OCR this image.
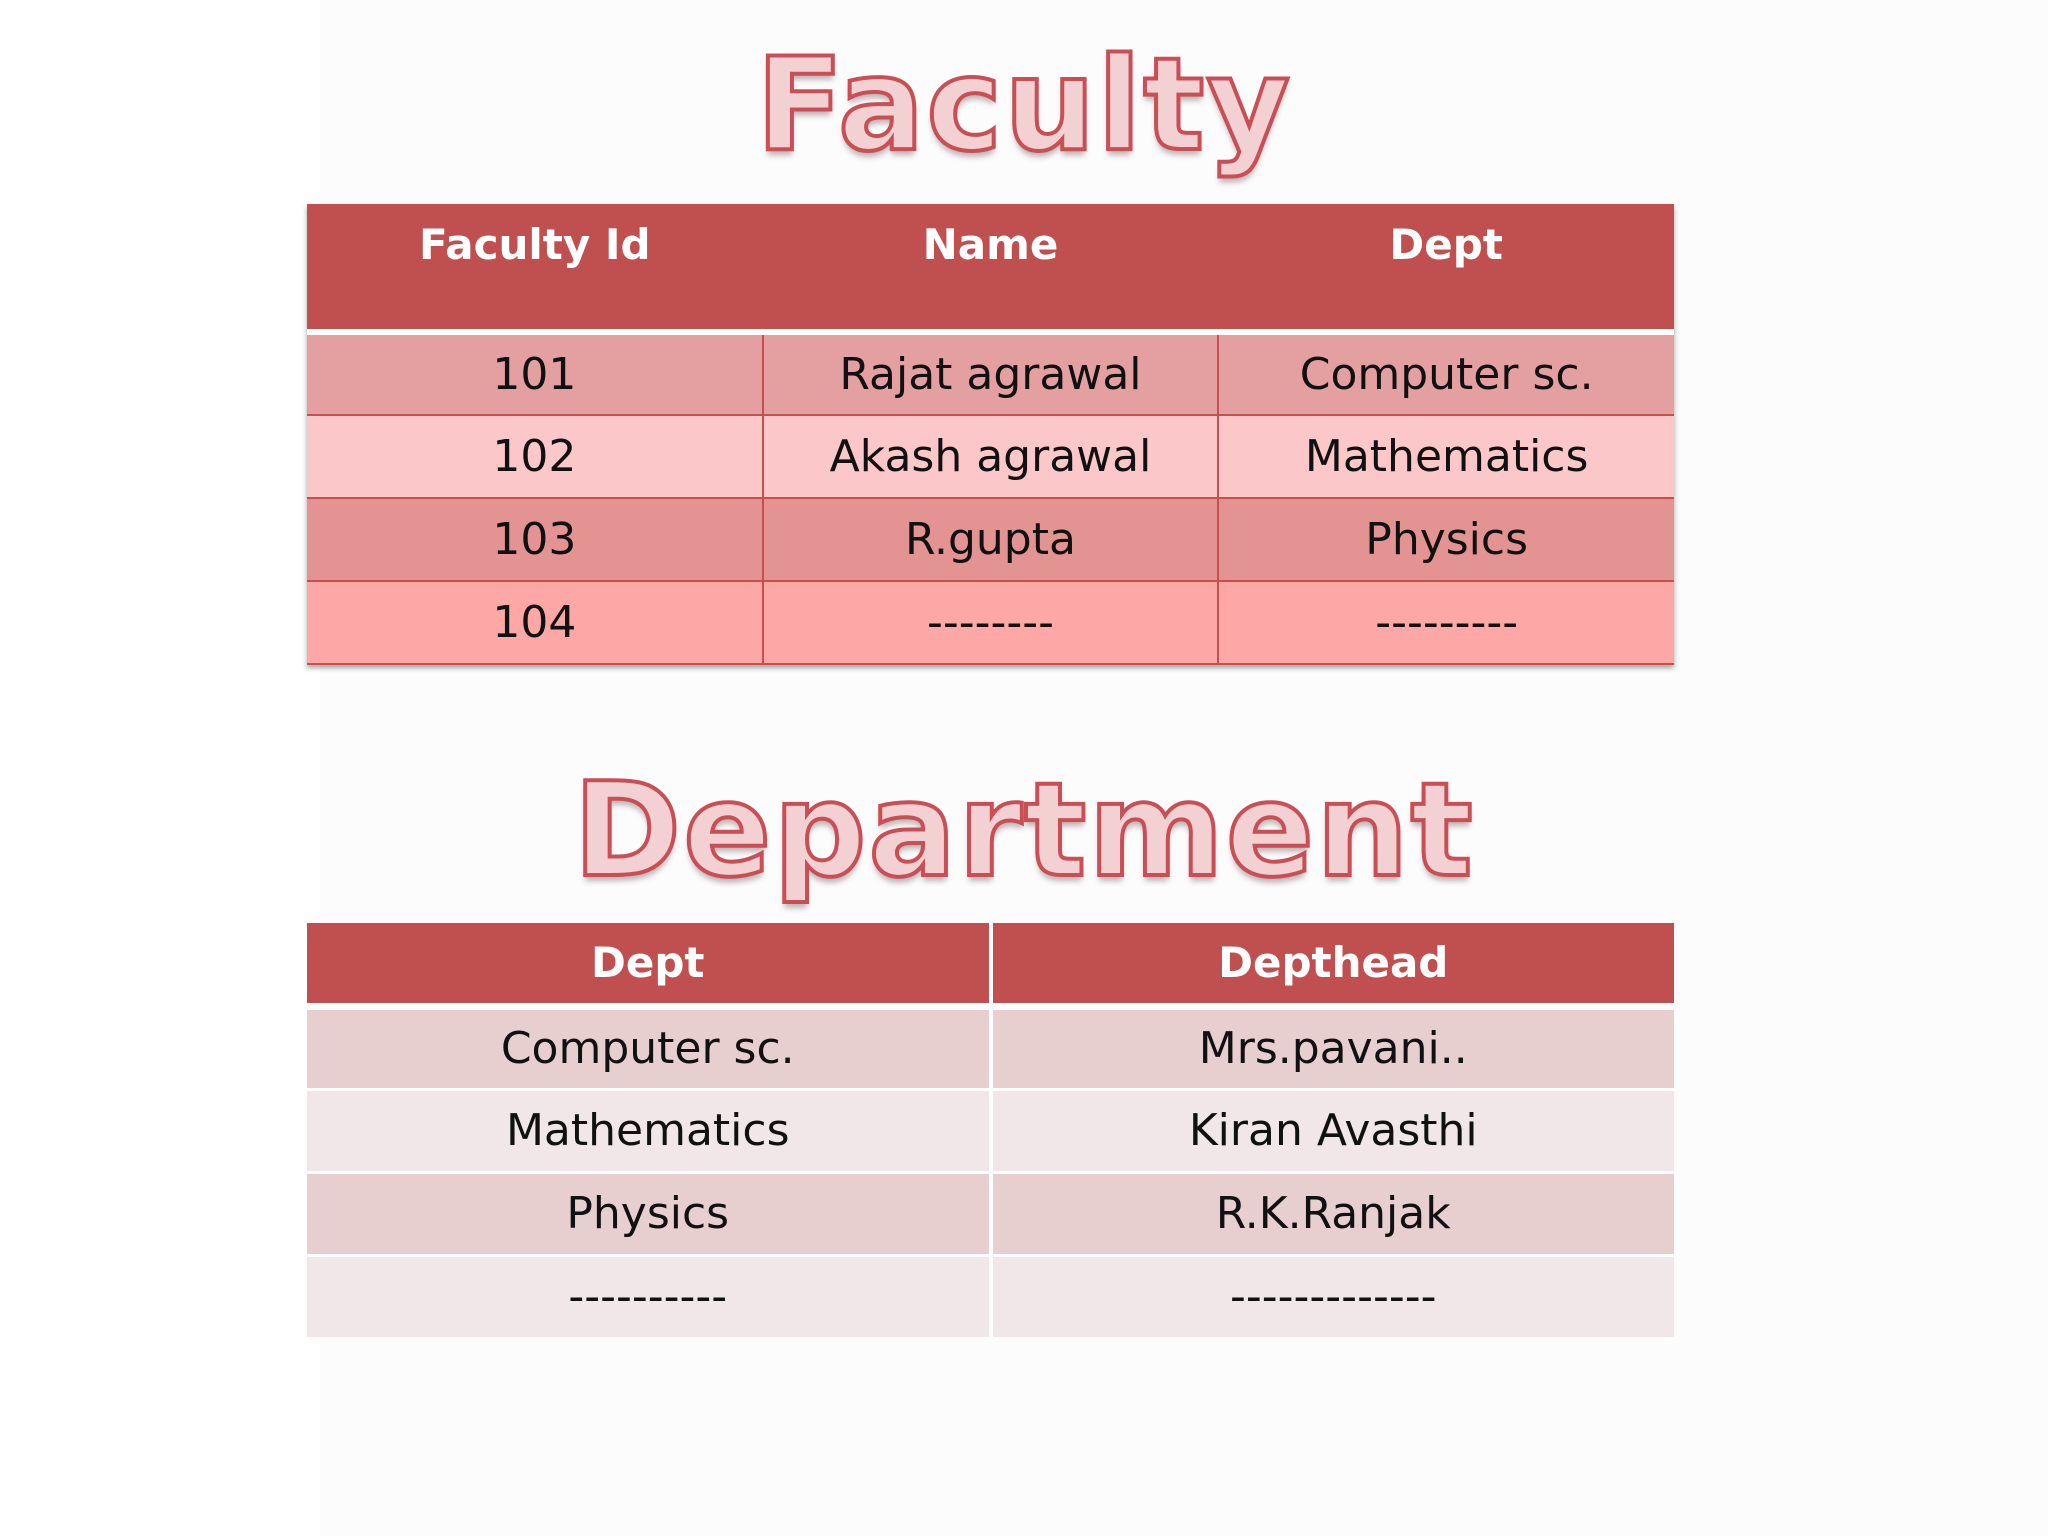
Faculty
Faculty Id	Name	Dept
101	Rajat agrawal	Computer sc.
102	Akash agrawal	Mathematics
103	R.gupta	Physics
104	--------	---------
Department
Dept	Depthead
Computer sc.	Mrs.pavani..
Mathematics	Kiran Avasthi
Physics	R.K.Ranjak
----------	-------------
